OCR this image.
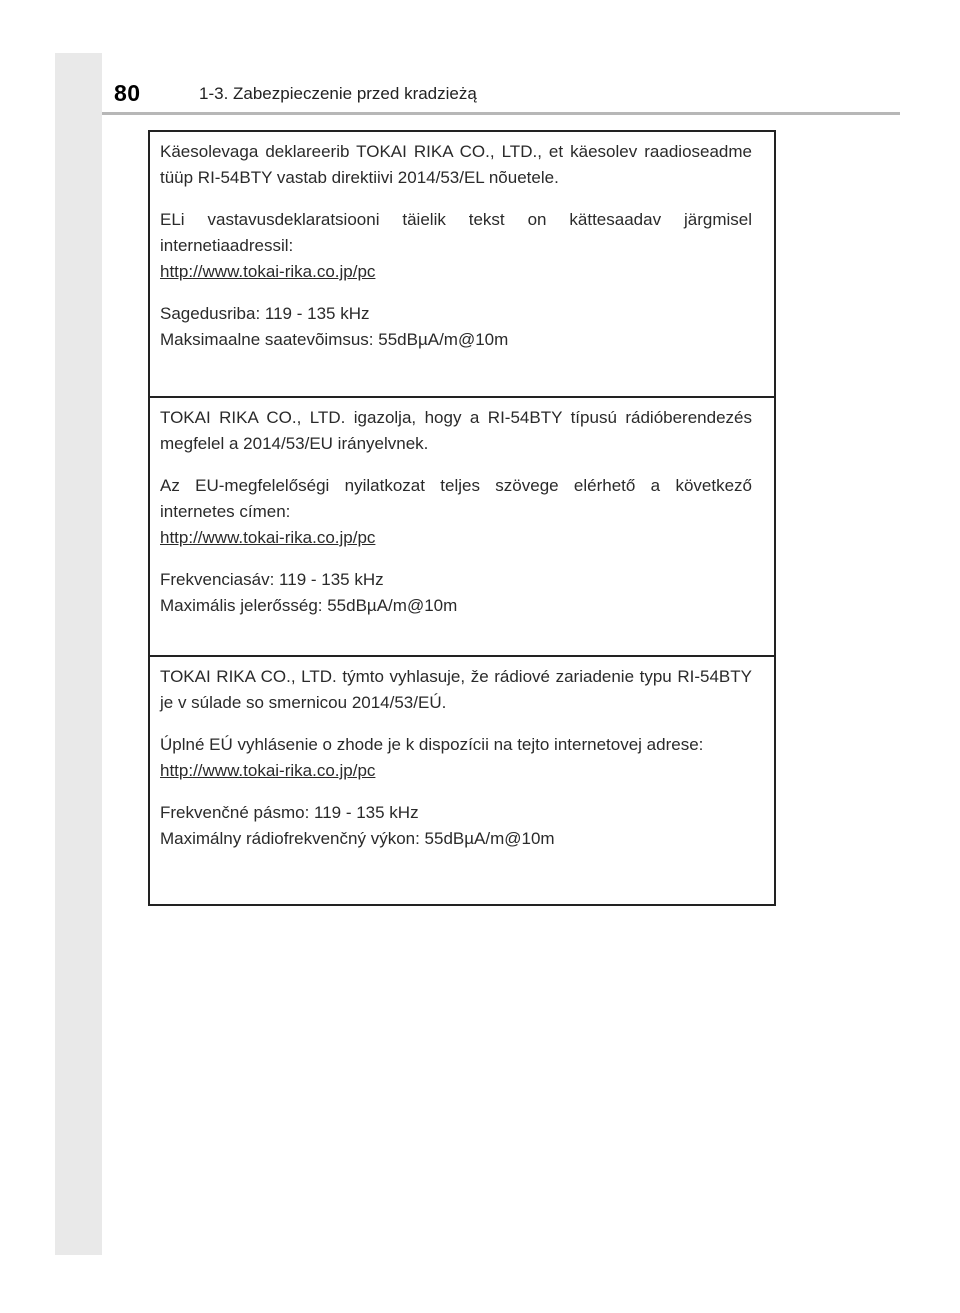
80	1-3. Zabezpieczenie przed kradzieżą

Käesolevaga deklareerib TOKAI RIKA CO., LTD., et käesolev raadioseadme tüüp RI-54BTY vastab direktiivi 2014/53/EL nõuetele.

ELi vastavusdeklaratsiooni täielik tekst on kättesaadav järgmisel internetiaadressil:

http://www.tokai-rika.co.jp/pc

Sagedusriba: 119 - 135 kHz

Maksimaalne saatevõimsus: 55dBµA/m@10m

TOKAI RIKA CO., LTD. igazolja, hogy a RI-54BTY típusú rádióberendezés megfelel a 2014/53/EU irányelvnek.

Az EU-megfelelőségi nyilatkozat teljes szövege elérhető a következő internetes címen:

http://www.tokai-rika.co.jp/pc

Frekvenciasáv: 119 - 135 kHz

Maximális jelerősség: 55dBµA/m@10m

TOKAI RIKA CO., LTD. týmto vyhlasuje, že rádiové zariadenie typu RI-54BTY je v súlade so smernicou 2014/53/EÚ.

Úplné EÚ vyhlásenie o zhode je k dispozícii na tejto internetovej adrese:

http://www.tokai-rika.co.jp/pc

Frekvenčné pásmo: 119 - 135 kHz

Maximálny rádiofrekvenčný výkon: 55dBµA/m@10m
